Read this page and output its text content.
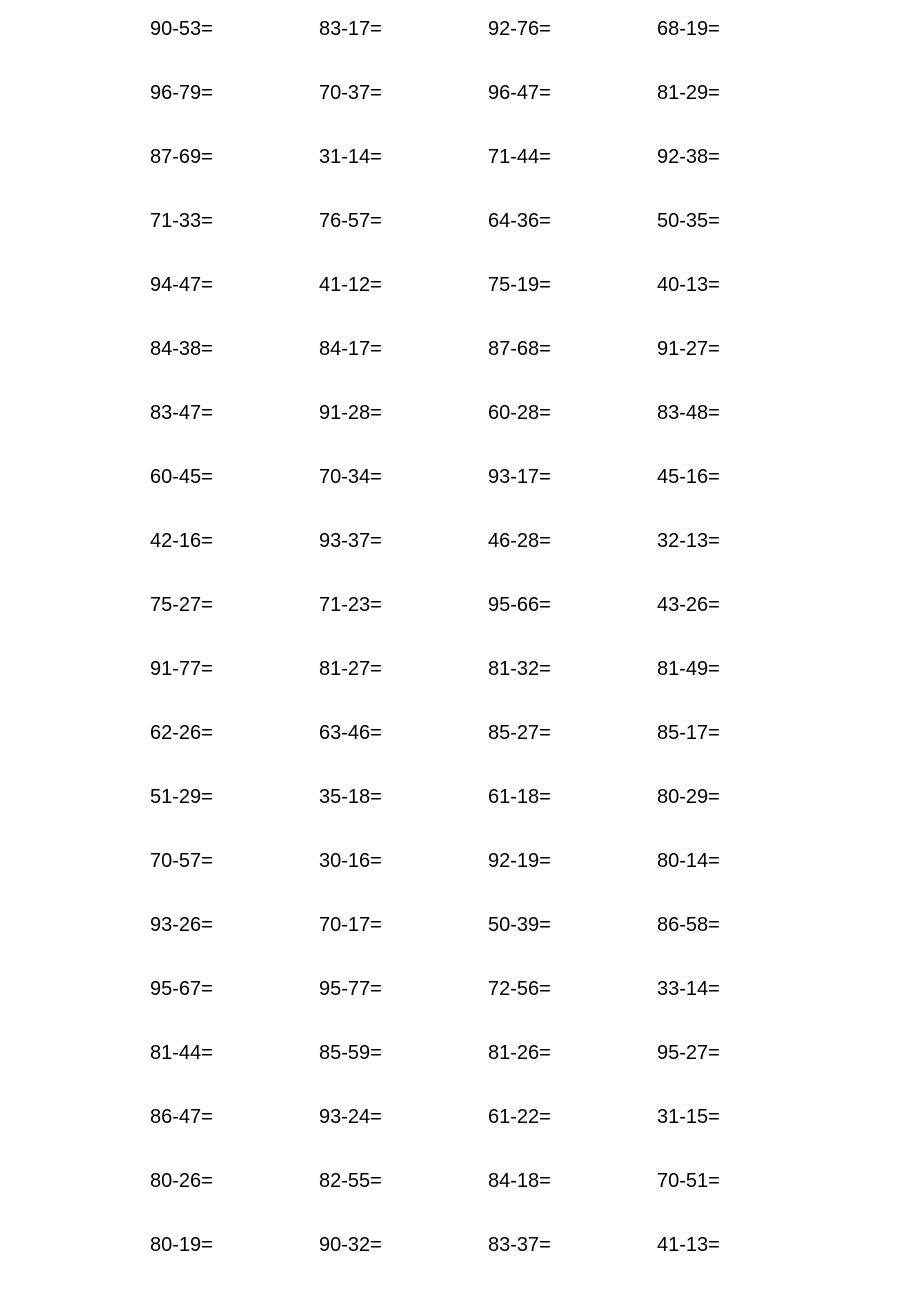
90-53=	83-17=	92-76=	68-19=
96-79=	70-37=	96-47=	81-29=
87-69=	31-14=	71-44=	92-38=
71-33=	76-57=	64-36=	50-35=
94-47=	41-12=	75-19=	40-13=
84-38=	84-17=	87-68=	91-27=
83-47=	91-28=	60-28=	83-48=
60-45=	70-34=	93-17=	45-16=
42-16=	93-37=	46-28=	32-13=
75-27=	71-23=	95-66=	43-26=
91-77=	81-27=	81-32=	81-49=
62-26=	63-46=	85-27=	85-17=
51-29=	35-18=	61-18=	80-29=
70-57=	30-16=	92-19=	80-14=
93-26=	70-17=	50-39=	86-58=
95-67=	95-77=	72-56=	33-14=
81-44=	85-59=	81-26=	95-27=
86-47=	93-24=	61-22=	31-15=
80-26=	82-55=	84-18=	70-51=
80-19=	90-32=	83-37=	41-13=
